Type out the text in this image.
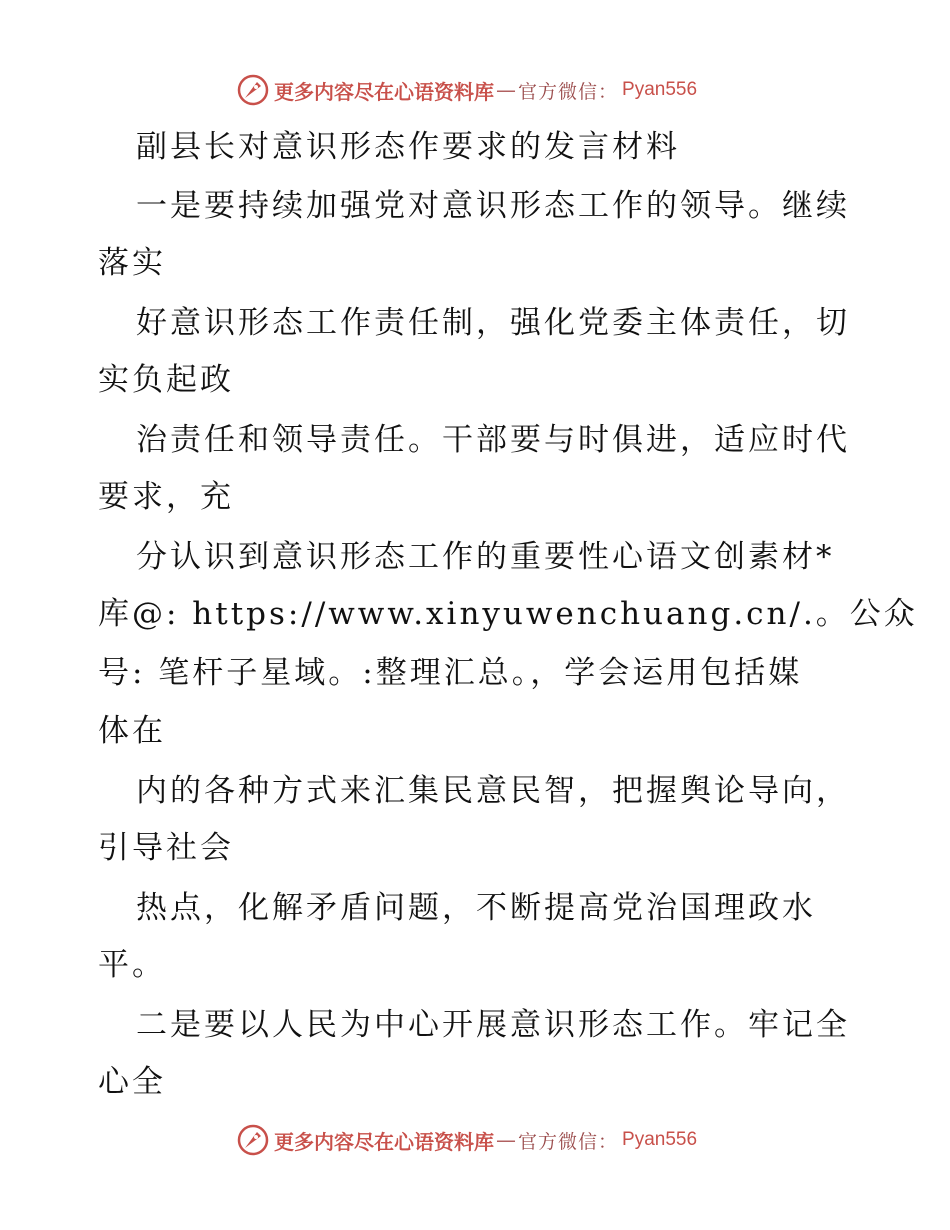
更多内容尽在心语资料库 — 官方微信： Pyan556
副县长对意识形态作要求的发言材料
一是要持续加强党对意识形态工作的领导。继续
落实
好意识形态工作责任制，强化党委主体责任，切
实负起政
治责任和领导责任。干部要与时俱进，适应时代
要求，充
分认识到意识形态工作的重要性心语文创素材*
库@: https://www.xinyuwenchuang.cn/.。公众
号: 笔杆子星域。:整理汇总。，学会运用包括媒
体在
内的各种方式来汇集民意民智，把握舆论导向，
引导社会
热点，化解矛盾问题，不断提高党治国理政水
平。
二是要以人民为中心开展意识形态工作。牢记全
心全
更多内容尽在心语资料库 — 官方微信： Pyan556
